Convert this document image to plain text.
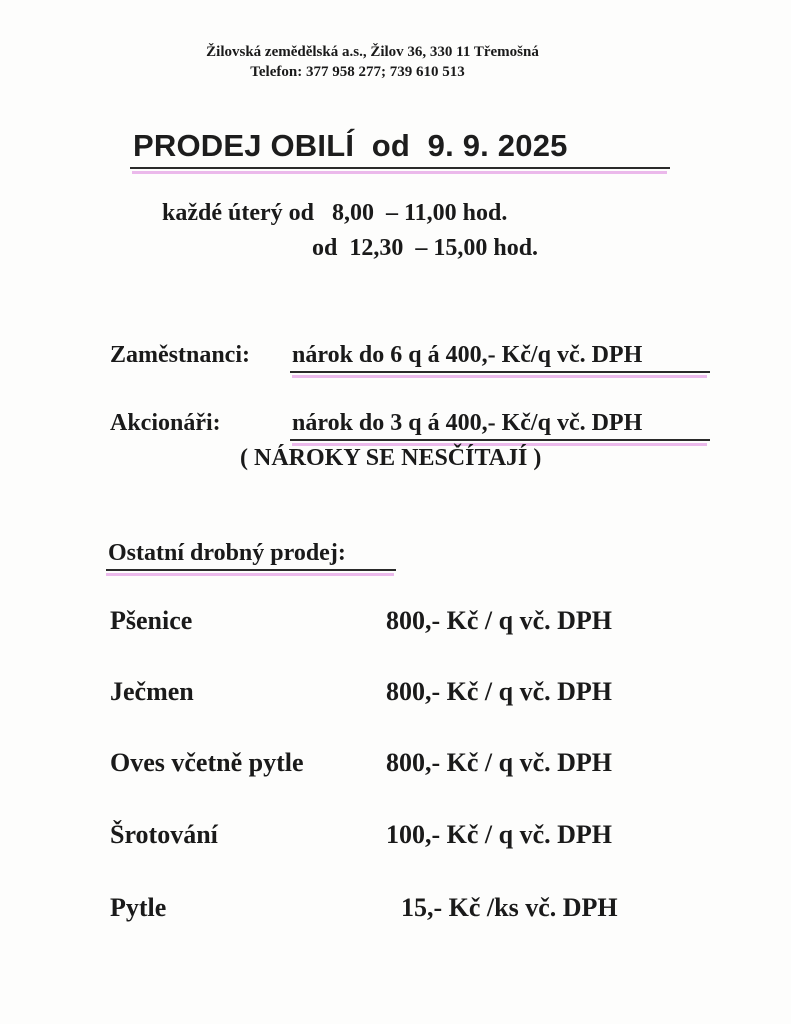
Žilovská zemědělská a.s., Žilov 36, 330 11 Třemošná
Telefon: 377 958 277; 739 610 513
PRODEJ OBILÍ  od  9. 9. 2025
každé úterý od   8,00  – 11,00 hod.
od  12,30  – 15,00 hod.
Zaměstnanci: nárok do 6 q á 400,- Kč/q vč. DPH
Akcionáři:	nárok do 3 q á 400,- Kč/q vč. DPH
( NÁROKY SE NESČÍTAJÍ )
Ostatní drobný prodej:
Pšenice	800,- Kč / q vč. DPH
Ječmen	800,- Kč / q vč. DPH
Oves včetně pytle	800,- Kč / q vč. DPH
Šrotování	100,- Kč / q vč. DPH
Pytle	15,- Kč /ks vč. DPH
